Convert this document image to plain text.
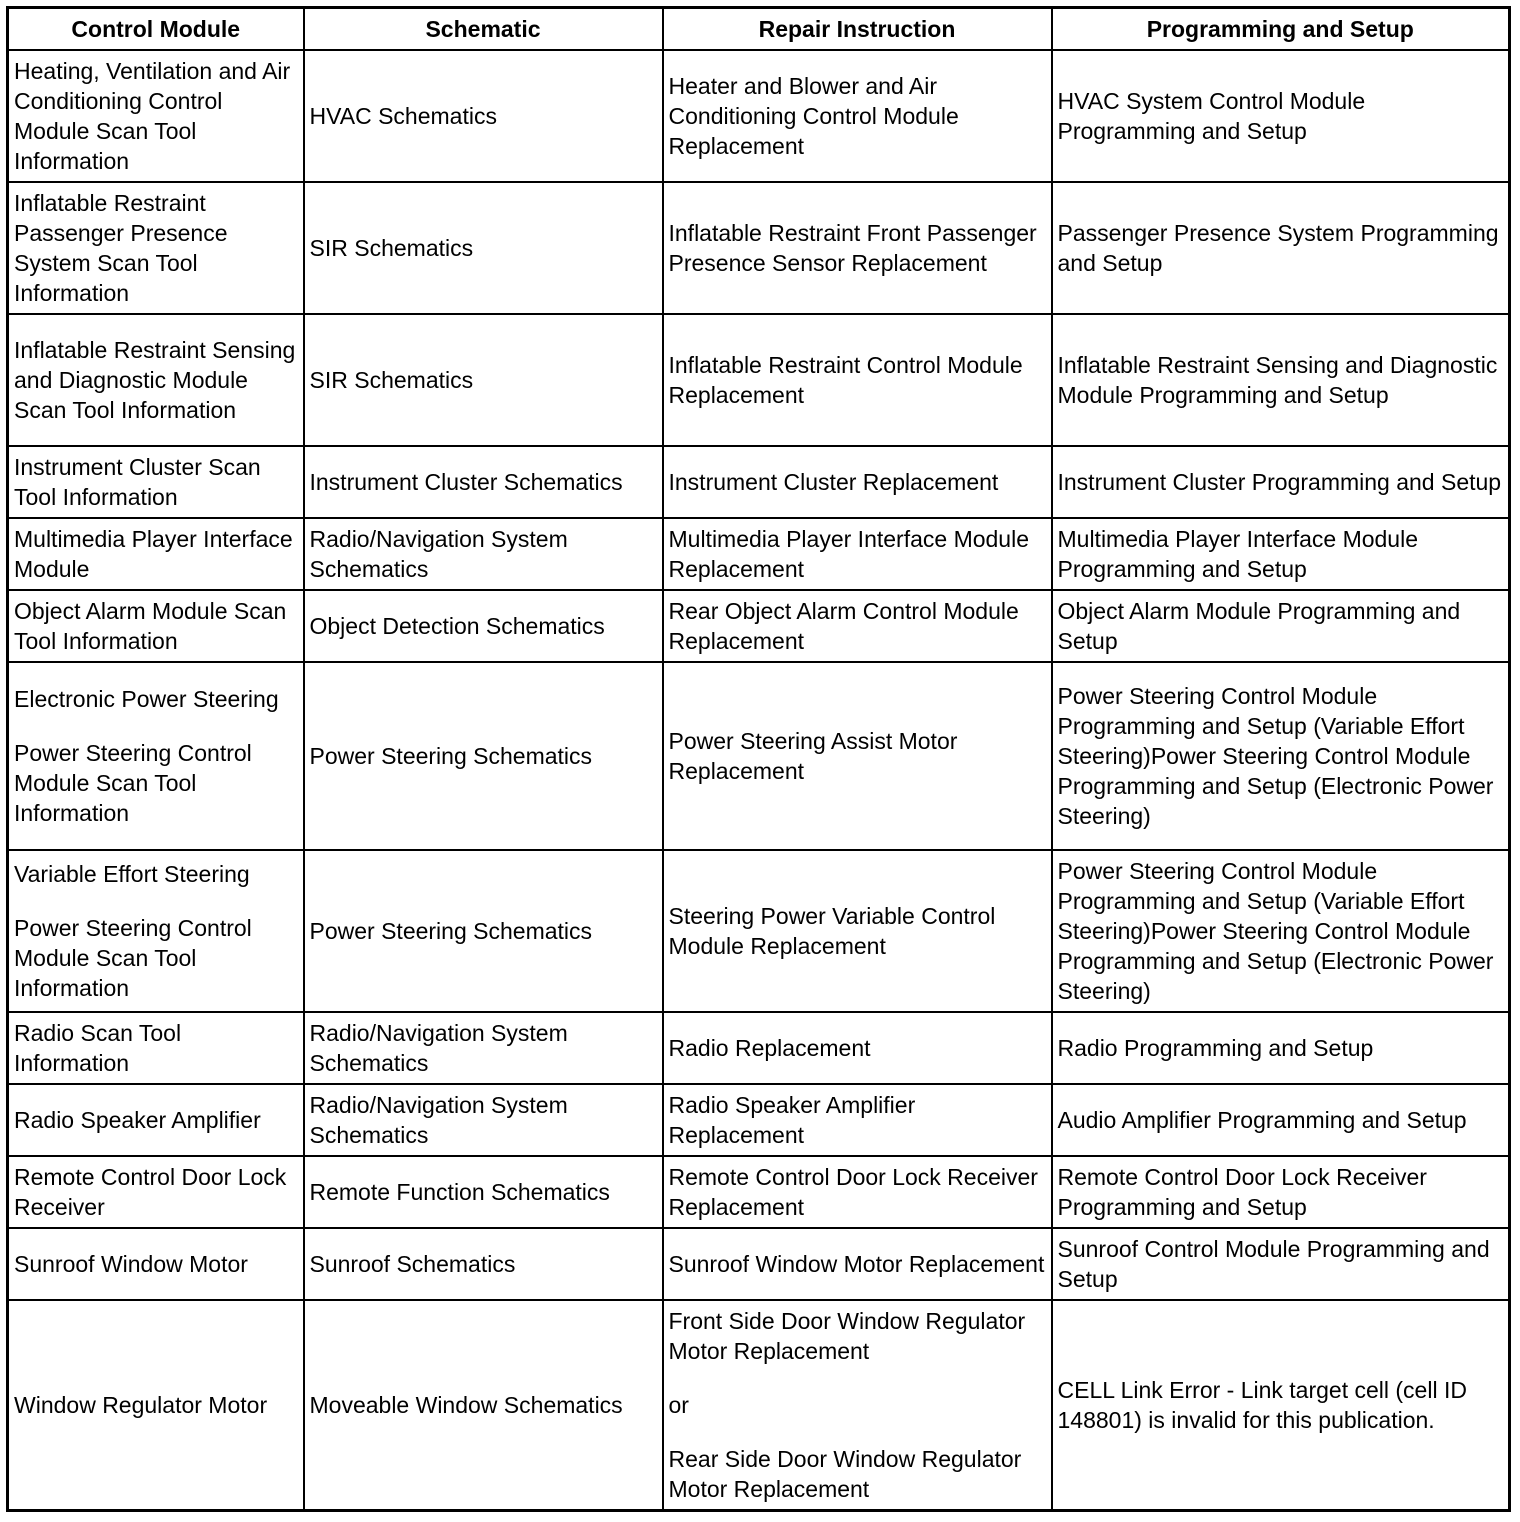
Control Module	Schematic	Repair Instruction	Programming and Setup

Heating, Ventilation and Air Conditioning Control Module Scan Tool Information	HVAC Schematics	Heater and Blower and Air Conditioning Control Module Replacement	HVAC System Control Module Programming and Setup

Inflatable Restraint Passenger Presence System Scan Tool Information	SIR Schematics	Inflatable Restraint Front Passenger Presence Sensor Replacement	Passenger Presence System Programming and Setup

Inflatable Restraint Sensing and Diagnostic Module Scan Tool Information	SIR Schematics	Inflatable Restraint Control Module Replacement	Inflatable Restraint Sensing and Diagnostic Module Programming and Setup

Instrument Cluster Scan Tool Information	Instrument Cluster Schematics	Instrument Cluster Replacement	Instrument Cluster Programming and Setup

Multimedia Player Interface Module	Radio/Navigation System Schematics	Multimedia Player Interface Module Replacement	Multimedia Player Interface Module Programming and Setup

Object Alarm Module Scan Tool Information	Object Detection Schematics	Rear Object Alarm Control Module Replacement	Object Alarm Module Programming and Setup

Electronic Power Steering
Power Steering Control Module Scan Tool Information	Power Steering Schematics	Power Steering Assist Motor Replacement	Power Steering Control Module Programming and Setup (Variable Effort Steering)Power Steering Control Module Programming and Setup (Electronic Power Steering)

Variable Effort Steering
Power Steering Control Module Scan Tool Information	Power Steering Schematics	Steering Power Variable Control Module Replacement	Power Steering Control Module Programming and Setup (Variable Effort Steering)Power Steering Control Module Programming and Setup (Electronic Power Steering)

Radio Scan Tool Information	Radio/Navigation System Schematics	Radio Replacement	Radio Programming and Setup

Radio Speaker Amplifier	Radio/Navigation System Schematics	Radio Speaker Amplifier Replacement	Audio Amplifier Programming and Setup

Remote Control Door Lock Receiver	Remote Function Schematics	Remote Control Door Lock Receiver Replacement	Remote Control Door Lock Receiver Programming and Setup

Sunroof Window Motor	Sunroof Schematics	Sunroof Window Motor Replacement	Sunroof Control Module Programming and Setup

Window Regulator Motor	Moveable Window Schematics	Front Side Door Window Regulator Motor Replacement
or
Rear Side Door Window Regulator Motor Replacement	CELL Link Error - Link target cell (cell ID 148801) is invalid for this publication.
